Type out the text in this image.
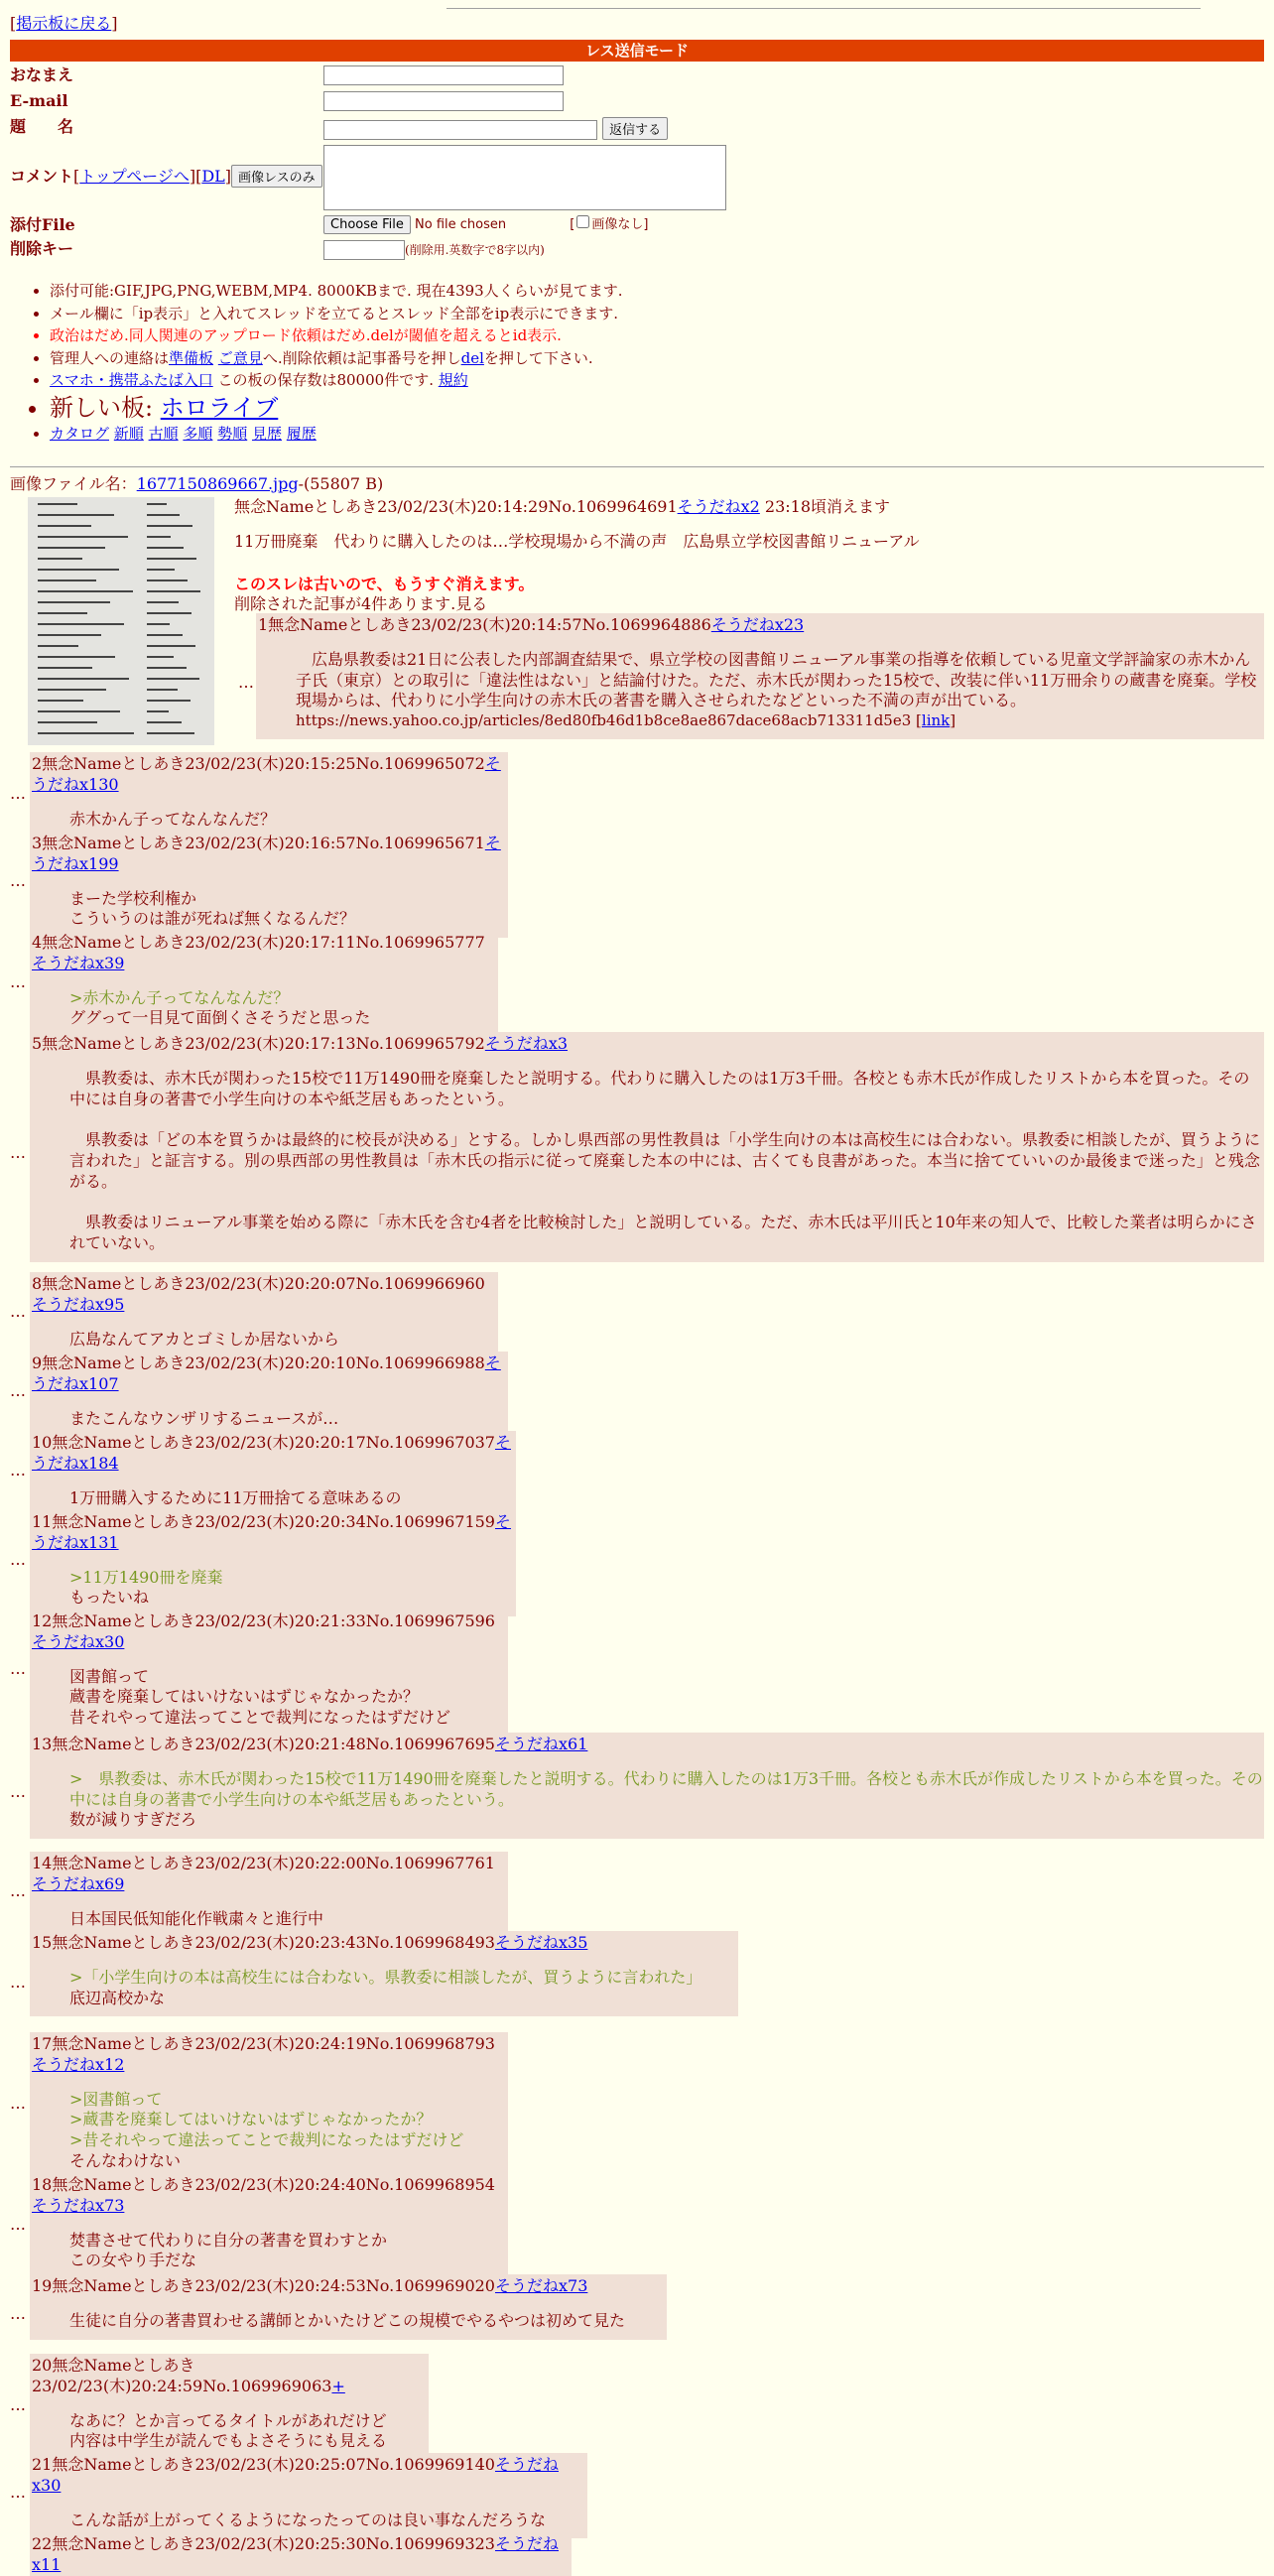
[掲示板に戻る]
レス送信モード
おなまえ
E-mail
題　　名	返信する
コメント[トップページへ][DL] 画像レスのみ
添付File	Choose File No file chosen	[ 画像なし]
削除キー	(削除用.英数字で8字以内)
• 添付可能:GIF,JPG,PNG,WEBM,MP4. 8000KBまで. 現在4393人くらいが見てます.
• メール欄に「ip表示」と入れてスレッドを立てるとスレッド全部をip表示にできます.
• 政治はだめ.同人関連のアップロード依頼はだめ.delが閾値を超えるとid表示.
• 管理人への連絡は準備板 ご意見へ.削除依頼は記事番号を押しdelを押して下さい.
• スマホ・携帯ふたば入口 この板の保存数は80000件です. 規約
• 新しい板: ホロライブ
• カタログ 新順 古順 多順 勢順 見歴 履歴
画像ファイル名：1677150869667.jpg-(55807 B)
無念Nameとしあき23/02/23(木)20:14:29No.1069964691そうだねx2 23:18頃消えます
11万冊廃棄　代わりに購入したのは…学校現場から不満の声　広島県立学校図書館リニューアル
このスレは古いので、もうすぐ消えます。
削除された記事が4件あります.見る
1無念Nameとしあき23/02/23(木)20:14:57No.1069964886そうだねx23
　広島県教委は21日に公表した内部調査結果で、県立学校の図書館リニューアル事業の指導を依頼している児童文学評論家の赤木かん子氏（東京）との取引に「違法性はない」と結論付けた。ただ、赤木氏が関わった15校で、改装に伴い11万冊余りの蔵書を廃棄。学校現場からは、代わりに小学生向けの赤木氏の著書を購入させられたなどといった不満の声が出ている。
https://news.yahoo.co.jp/articles/8ed80fb46d1b8ce8ae867dace68acb713311d5e3 [link]
2無念Nameとしあき23/02/23(木)20:15:25No.1069965072そうだねx130
赤木かん子ってなんなんだ？
3無念Nameとしあき23/02/23(木)20:16:57No.1069965671そうだねx199
まーた学校利権か
こういうのは誰が死ねば無くなるんだ？
4無念Nameとしあき23/02/23(木)20:17:11No.1069965777そうだねx39
>赤木かん子ってなんなんだ？
ググって一目見て面倒くさそうだと思った
5無念Nameとしあき23/02/23(木)20:17:13No.1069965792そうだねx3
　県教委は、赤木氏が関わった15校で11万1490冊を廃棄したと説明する。代わりに購入したのは1万3千冊。各校とも赤木氏が作成したリストから本を買った。その中には自身の著書で小学生向けの本や紙芝居もあったという。

　県教委は「どの本を買うかは最終的に校長が決める」とする。しかし県西部の男性教員は「小学生向けの本は高校生には合わない。県教委に相談したが、買うように言われた」と証言する。別の県西部の男性教員は「赤木氏の指示に従って廃棄した本の中には、古くても良書があった。本当に捨てていいのか最後まで迷った」と残念がる。

　県教委はリニューアル事業を始める際に「赤木氏を含む4者を比較検討した」と説明している。ただ、赤木氏は平川氏と10年来の知人で、比較した業者は明らかにされていない。
8無念Nameとしあき23/02/23(木)20:20:07No.1069966960そうだねx95
広島なんてアカとゴミしか居ないから
9無念Nameとしあき23/02/23(木)20:20:10No.1069966988そうだねx107
またこんなウンザリするニュースが…
10無念Nameとしあき23/02/23(木)20:20:17No.1069967037そうだねx184
1万冊購入するために11万冊捨てる意味あるの
11無念Nameとしあき23/02/23(木)20:20:34No.1069967159そうだねx131
>11万1490冊を廃棄
もったいね
12無念Nameとしあき23/02/23(木)20:21:33No.1069967596そうだねx30
図書館って
蔵書を廃棄してはいけないはずじゃなかったか？
昔それやって違法ってことで裁判になったはずだけど
13無念Nameとしあき23/02/23(木)20:21:48No.1069967695そうだねx61
>　県教委は、赤木氏が関わった15校で11万1490冊を廃棄したと説明する。代わりに購入したのは1万3千冊。各校とも赤木氏が作成したリストから本を買った。その中には自身の著書で小学生向けの本や紙芝居もあったという。
数が減りすぎだろ
14無念Nameとしあき23/02/23(木)20:22:00No.1069967761そうだねx69
日本国民低知能化作戦粛々と進行中
15無念Nameとしあき23/02/23(木)20:23:43No.1069968493そうだねx35
>「小学生向けの本は高校生には合わない。県教委に相談したが、買うように言われた」
底辺高校かな
17無念Nameとしあき23/02/23(木)20:24:19No.1069968793そうだねx12
>図書館って
>蔵書を廃棄してはいけないはずじゃなかったか？
>昔それやって違法ってことで裁判になったはずだけど
そんなわけない
18無念Nameとしあき23/02/23(木)20:24:40No.1069968954そうだねx73
焚書させて代わりに自分の著書を買わすとか
この女やり手だな
19無念Nameとしあき23/02/23(木)20:24:53No.1069969020そうだねx73
生徒に自分の著書買わせる講師とかいたけどこの規模でやるやつは初めて見た
20無念Nameとしあき23/02/23(木)20:24:59No.1069969063+
なあに？とか言ってるタイトルがあれだけど
内容は中学生が読んでもよさそうにも見える
21無念Nameとしあき23/02/23(木)20:25:07No.1069969140そうだねx30
こんな話が上がってくるようになったってのは良い事なんだろうな
22無念Nameとしあき23/02/23(木)20:25:30No.1069969323そうだねx11
…
…
…
…
…
…
…
…
…
…
…
…
…
…
…
…
…
…
